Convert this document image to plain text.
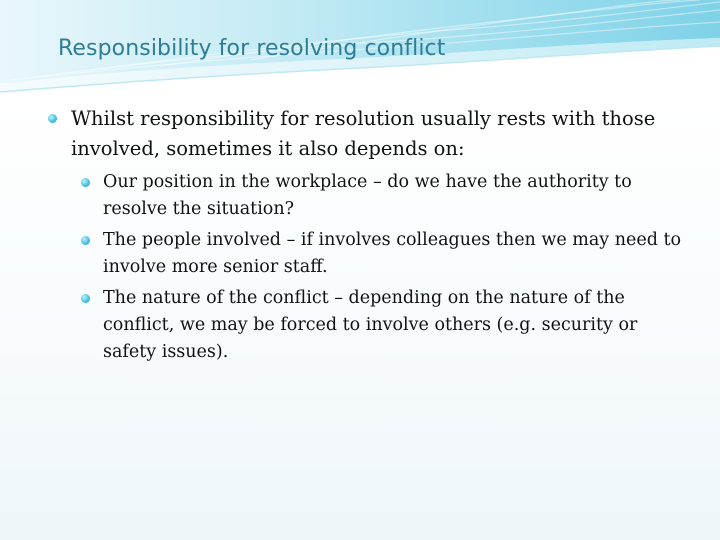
Responsibility for resolving conflict
Whilst responsibility for resolution usually rests with those involved, sometimes it also depends on:
Our position in the workplace – do we have the authority to resolve the situation?
The people involved – if involves colleagues then we may need to involve more senior staff.
The nature of the conflict – depending on the nature of the conflict, we may be forced to involve others (e.g. security or safety issues).
